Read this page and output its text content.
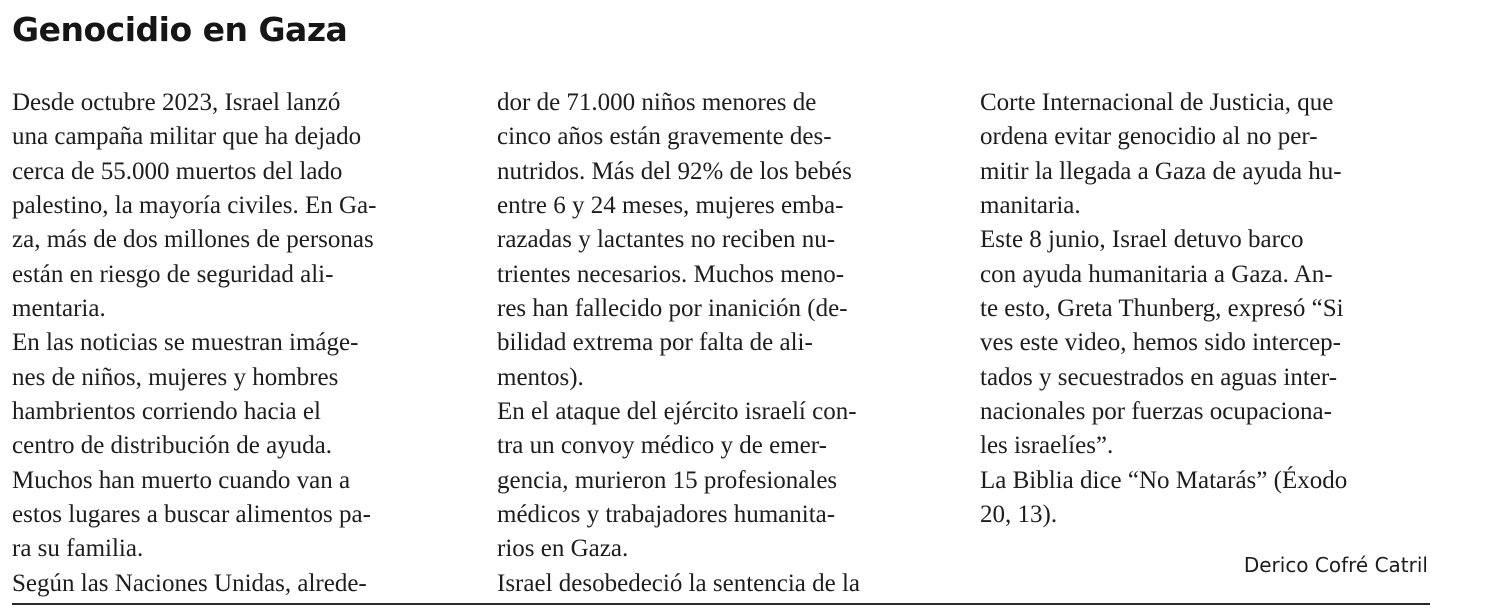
Genocidio en Gaza
Desde octubre 2023, Israel lanzó
una campaña militar que ha dejado
cerca de 55.000 muertos del lado
palestino, la mayoría civiles. En Ga-
za, más de dos millones de personas
están en riesgo de seguridad ali-
mentaria.
En las noticias se muestran imáge-
nes de niños, mujeres y hombres
hambrientos corriendo hacia el
centro de distribución de ayuda.
Muchos han muerto cuando van a
estos lugares a buscar alimentos pa-
ra su familia.
Según las Naciones Unidas, alrede-
dor de 71.000 niños menores de
cinco años están gravemente des-
nutridos. Más del 92% de los bebés
entre 6 y 24 meses, mujeres emba-
razadas y lactantes no reciben nu-
trientes necesarios. Muchos meno-
res han fallecido por inanición (de-
bilidad extrema por falta de ali-
mentos).
En el ataque del ejército israelí con-
tra un convoy médico y de emer-
gencia, murieron 15 profesionales
médicos y trabajadores humanita-
rios en Gaza.
Israel desobedeció la sentencia de la
Corte Internacional de Justicia, que
ordena evitar genocidio al no per-
mitir la llegada a Gaza de ayuda hu-
manitaria.
Este 8 junio, Israel detuvo barco
con ayuda humanitaria a Gaza. An-
te esto, Greta Thunberg, expresó “Si
ves este video, hemos sido intercep-
tados y secuestrados en aguas inter-
nacionales por fuerzas ocupaciona-
les israelíes”.
La Biblia dice “No Matarás” (Éxodo
20, 13).

Derico Cofré Catril
